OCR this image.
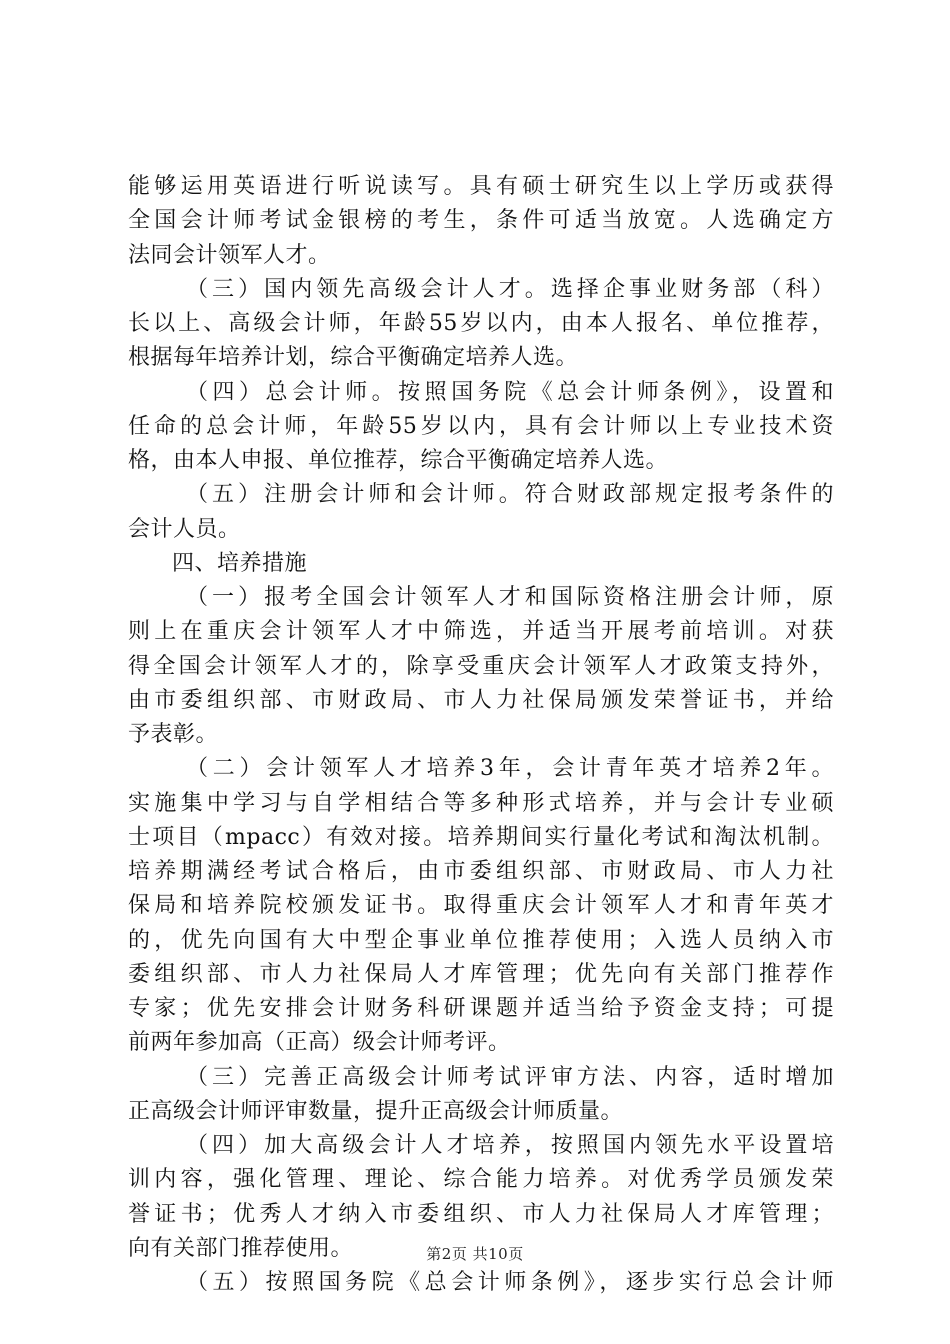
能够运用英语进行听说读写。具有硕士研究生以上学历或获得
全国会计师考试金银榜的考生，条件可适当放宽。人选确定方
法同会计领军人才。
（三）国内领先高级会计人才。选择企事业财务部（科）
长以上、高级会计师，年龄55岁以内，由本人报名、单位推荐，
根据每年培养计划，综合平衡确定培养人选。
（四）总会计师。按照国务院《总会计师条例》，设置和
任命的总会计师，年龄55岁以内，具有会计师以上专业技术资
格，由本人申报、单位推荐，综合平衡确定培养人选。
（五）注册会计师和会计师。符合财政部规定报考条件的
会计人员。
四、培养措施
（一）报考全国会计领军人才和国际资格注册会计师，原
则上在重庆会计领军人才中筛选，并适当开展考前培训。对获
得全国会计领军人才的，除享受重庆会计领军人才政策支持外，
由市委组织部、市财政局、市人力社保局颁发荣誉证书，并给
予表彰。
（二）会计领军人才培养3年，会计青年英才培养2年。
实施集中学习与自学相结合等多种形式培养，并与会计专业硕
士项目（mpacc）有效对接。培养期间实行量化考试和淘汰机制。
培养期满经考试合格后，由市委组织部、市财政局、市人力社
保局和培养院校颁发证书。取得重庆会计领军人才和青年英才
的，优先向国有大中型企事业单位推荐使用；入选人员纳入市
委组织部、市人力社保局人才库管理；优先向有关部门推荐作
专家；优先安排会计财务科研课题并适当给予资金支持；可提
前两年参加高（正高）级会计师考评。
（三）完善正高级会计师考试评审方法、内容，适时增加
正高级会计师评审数量，提升正高级会计师质量。
（四）加大高级会计人才培养，按照国内领先水平设置培
训内容，强化管理、理论、综合能力培养。对优秀学员颁发荣
誉证书；优秀人才纳入市委组织、市人力社保局人才库管理；
向有关部门推荐使用。
（五）按照国务院《总会计师条例》，逐步实行总会计师
第2页 共10页
